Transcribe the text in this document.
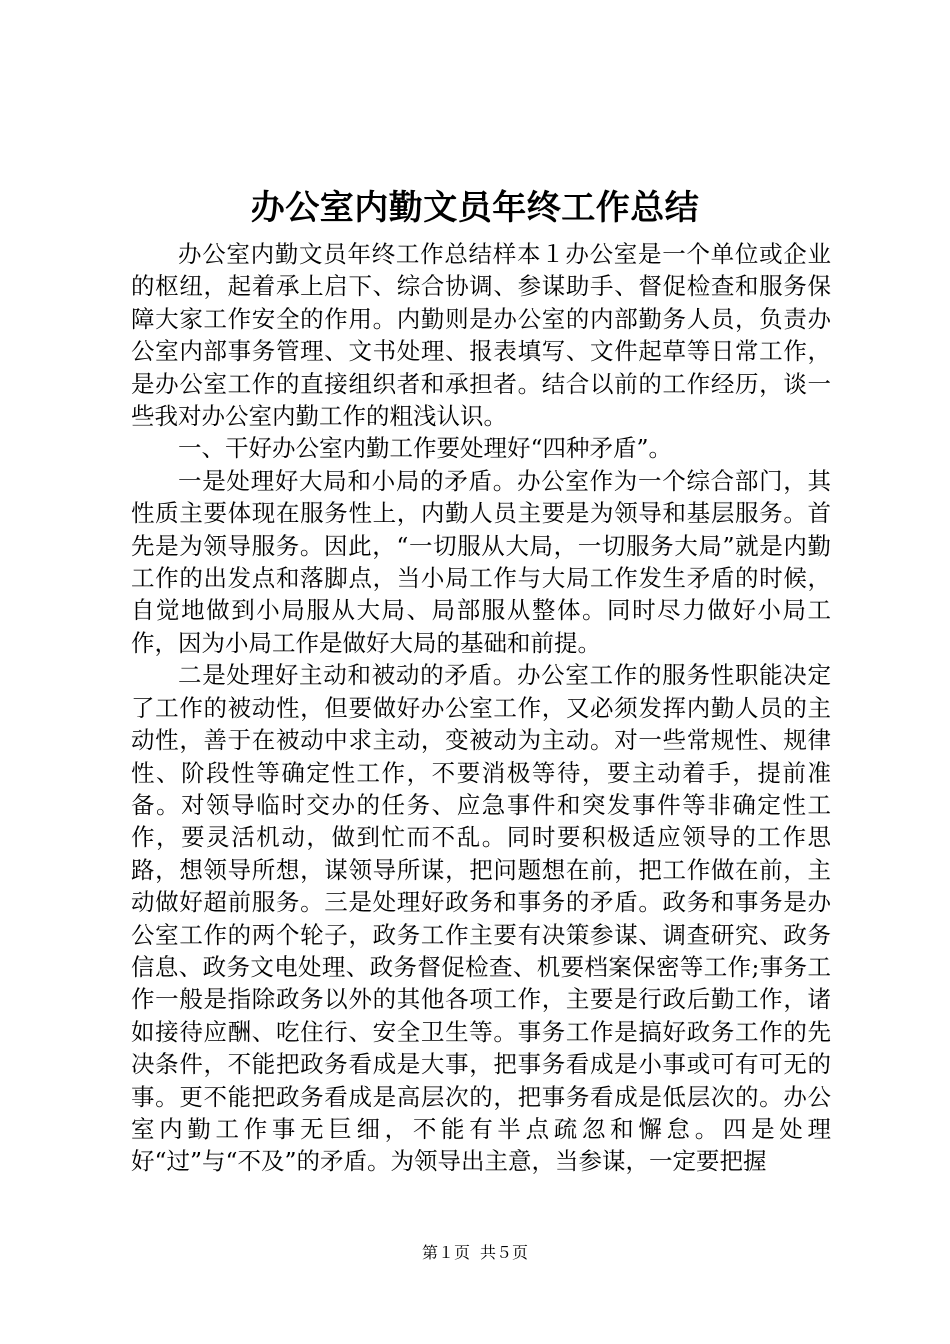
办公室内勤文员年终工作总结

办公室内勤文员年终工作总结样本１办公室是一个单位或企业的枢纽，起着承上启下、综合协调、参谋助手、督促检查和服务保障大家工作安全的作用。内勤则是办公室的内部勤务人员，负责办公室内部事务管理、文书处理、报表填写、文件起草等日常工作，是办公室工作的直接组织者和承担者。结合以前的工作经历，谈一些我对办公室内勤工作的粗浅认识。

一、干好办公室内勤工作要处理好“四种矛盾”。

一是处理好大局和小局的矛盾。办公室作为一个综合部门，其性质主要体现在服务性上，内勤人员主要是为领导和基层服务。首先是为领导服务。因此，“一切服从大局，一切服务大局”就是内勤工作的出发点和落脚点，当小局工作与大局工作发生矛盾的时候，自觉地做到小局服从大局、局部服从整体。同时尽力做好小局工作，因为小局工作是做好大局的基础和前提。

二是处理好主动和被动的矛盾。办公室工作的服务性职能决定了工作的被动性，但要做好办公室工作，又必须发挥内勤人员的主动性，善于在被动中求主动，变被动为主动。对一些常规性、规律性、阶段性等确定性工作，不要消极等待，要主动着手，提前准备。对领导临时交办的任务、应急事件和突发事件等非确定性工作，要灵活机动，做到忙而不乱。同时要积极适应领导的工作思路，想领导所想，谋领导所谋，把问题想在前，把工作做在前，主动做好超前服务。三是处理好政务和事务的矛盾。政务和事务是办公室工作的两个轮子，政务工作主要有决策参谋、调查研究、政务信息、政务文电处理、政务督促检查、机要档案保密等工作;事务工作一般是指除政务以外的其他各项工作，主要是行政后勤工作，诸如接待应酬、吃住行、安全卫生等。事务工作是搞好政务工作的先决条件，不能把政务看成是大事，把事务看成是小事或可有可无的事。更不能把政务看成是高层次的，把事务看成是低层次的。办公室内勤工作事无巨细，不能有半点疏忽和懈怠。四是处理好“过”与“不及”的矛盾。为领导出主意，当参谋，一定要把握

第１页 共５页
